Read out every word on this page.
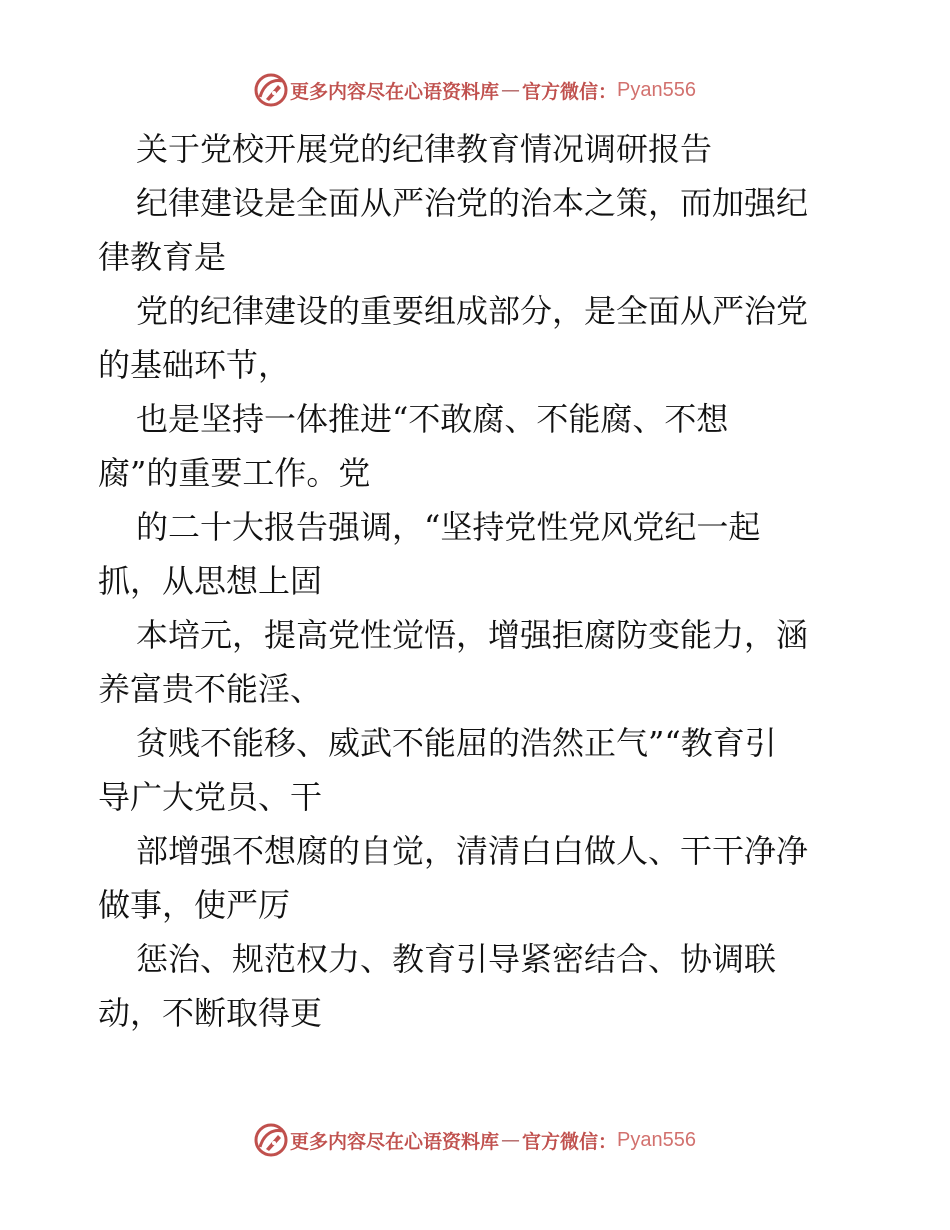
更多内容尽在心语资料库 — 官方微信： Pyan556
关于党校开展党的纪律教育情况调研报告
纪律建设是全面从严治党的治本之策，而加强纪
律教育是
党的纪律建设的重要组成部分，是全面从严治党
的基础环节，
也是坚持一体推进“不敢腐、不能腐、不想
腐”的重要工作。党
的二十大报告强调，“坚持党性党风党纪一起
抓，从思想上固
本培元，提高党性觉悟，增强拒腐防变能力，涵
养富贵不能淫、
贫贱不能移、威武不能屈的浩然正气”“教育引
导广大党员、干
部增强不想腐的自觉，清清白白做人、干干净净
做事，使严厉
惩治、规范权力、教育引导紧密结合、协调联
动，不断取得更
更多内容尽在心语资料库 — 官方微信： Pyan556
